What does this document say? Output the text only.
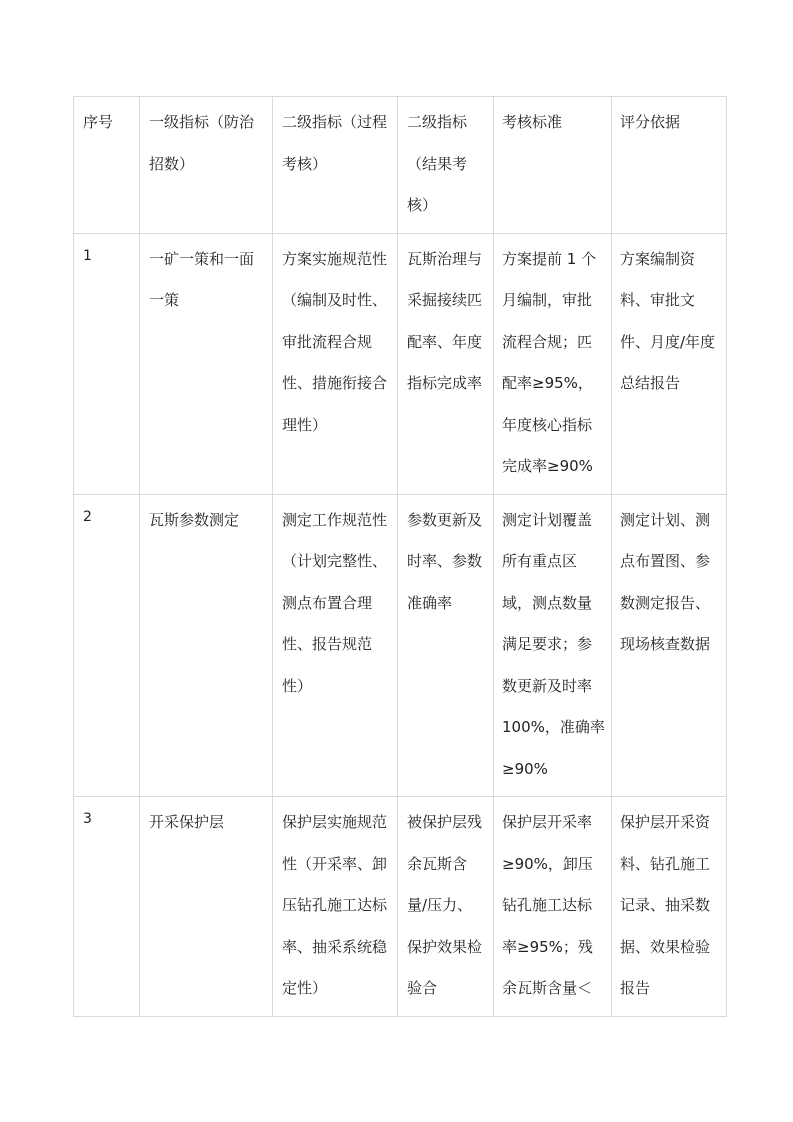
序号	一级指标（防治招数）	二级指标（过程考核）	二级指标（结果考核）	考核标准	评分依据

1	一矿一策和一面一策	方案实施规范性（编制及时性、审批流程合规性、措施衔接合理性）	瓦斯治理与采掘接续匹配率、年度指标完成率	方案提前 1 个月编制，审批流程合规；匹配率≥95%，年度核心指标完成率≥90%	方案编制资料、审批文件、月度/年度总结报告

2	瓦斯参数测定	测定工作规范性（计划完整性、测点布置合理性、报告规范性）	参数更新及时率、参数准确率	测定计划覆盖所有重点区域，测点数量满足要求；参数更新及时率 100%，准确率≥90%	测定计划、测点布置图、参数测定报告、现场核查数据

3	开采保护层	保护层实施规范性（开采率、卸压钻孔施工达标率、抽采系统稳定性）	被保护层残余瓦斯含量/压力、保护效果检验合	保护层开采率≥90%，卸压钻孔施工达标率≥95%；残余瓦斯含量＜	保护层开采资料、钻孔施工记录、抽采数据、效果检验报告
